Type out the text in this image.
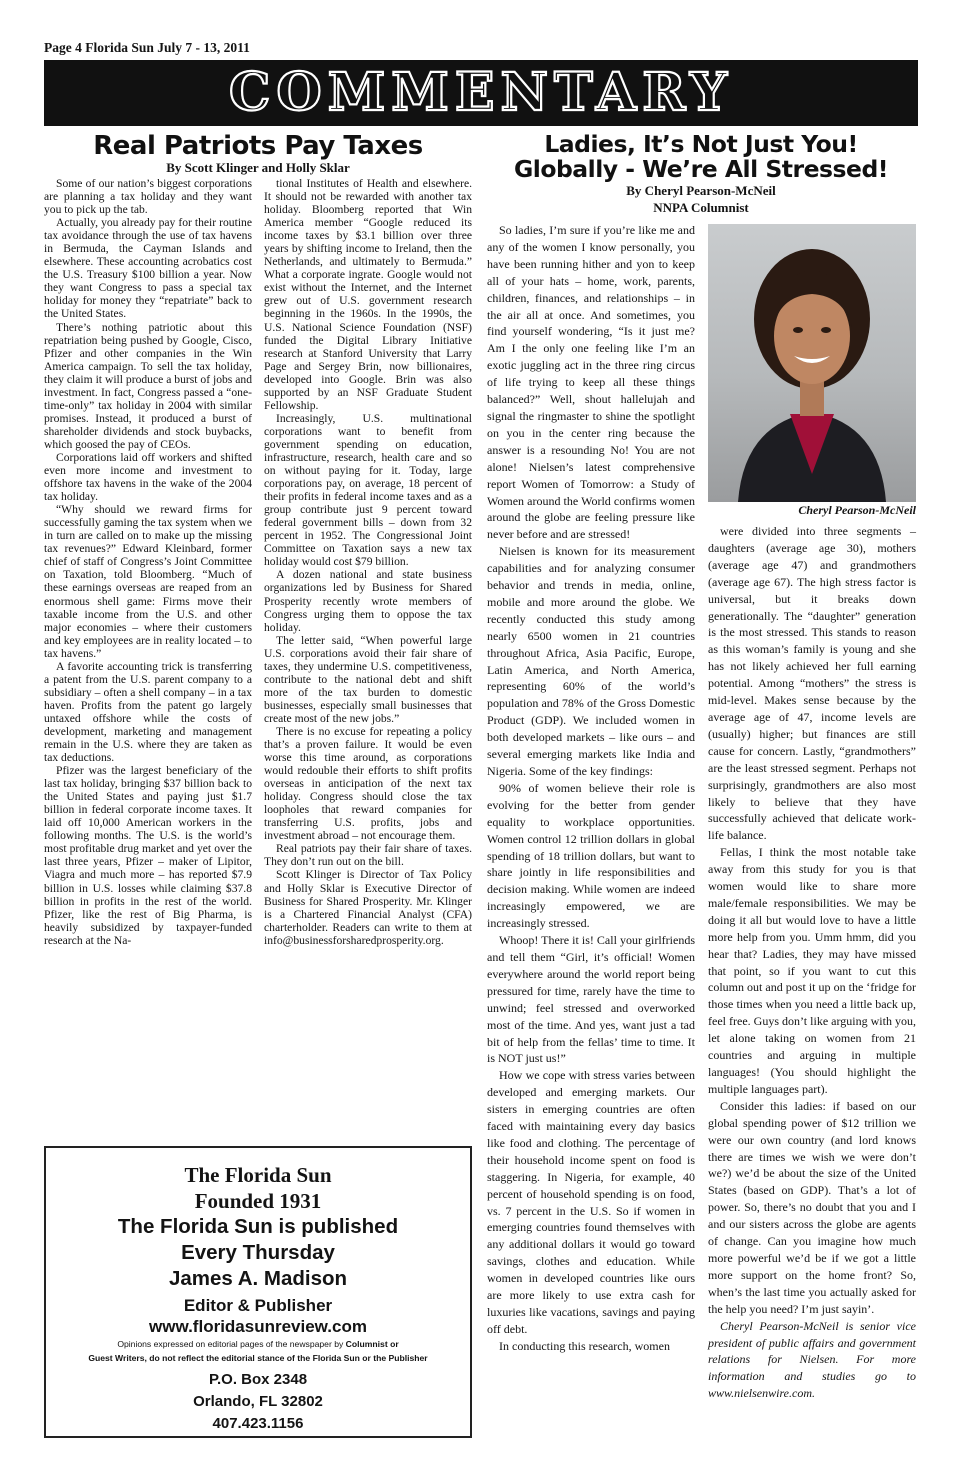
Page 4 Florida Sun July 7 - 13, 2011
COMMENTARY
Real Patriots Pay Taxes
By Scott Klinger and Holly Sklar

Some of our nation’s biggest corporations are planning a tax holiday and they want you to pick up the tab.

Actually, you already pay for their routine tax avoidance through the use of tax havens in Bermuda, the Cayman Islands and elsewhere. These accounting acrobatics cost the U.S. Treasury $100 billion a year. Now they want Congress to pass a special tax holiday for money they “repatriate” back to the United States.

There’s nothing patriotic about this repatriation being pushed by Google, Cisco, Pfizer and other companies in the Win America campaign. To sell the tax holiday, they claim it will produce a burst of jobs and investment. In fact, Congress passed a “one-time-only” tax holiday in 2004 with similar promises. Instead, it produced a burst of shareholder dividends and stock buybacks, which goosed the pay of CEOs.

Corporations laid off workers and shifted even more income and investment to offshore tax havens in the wake of the 2004 tax holiday.

“Why should we reward firms for successfully gaming the tax system when we in turn are called on to make up the missing tax revenues?” Edward Kleinbard, former chief of staff of Congress’s Joint Committee on Taxation, told Bloomberg. “Much of these earnings overseas are reaped from an enormous shell game: Firms move their taxable income from the U.S. and other major economies – where their customers and key employees are in reality located – to tax havens.”

A favorite accounting trick is transferring a patent from the U.S. parent company to a subsidiary – often a shell company – in a tax haven. Profits from the patent go largely untaxed offshore while the costs of development, marketing and management remain in the U.S. where they are taken as tax deductions.

Pfizer was the largest beneficiary of the last tax holiday, bringing $37 billion back to the United States and paying just $1.7 billion in federal corporate income taxes. It laid off 10,000 American workers in the following months. The U.S. is the world’s most profitable drug market and yet over the last three years, Pfizer – maker of Lipitor, Viagra and much more – has reported $7.9 billion in U.S. losses while claiming $37.8 billion in profits in the rest of the world. Pfizer, like the rest of Big Pharma, is heavily subsidized by taxpayer-funded research at the Na-

tional Institutes of Health and elsewhere. It should not be rewarded with another tax holiday. Bloomberg reported that Win America member “Google reduced its income taxes by $3.1 billion over three years by shifting income to Ireland, then the Netherlands, and ultimately to Bermuda.” What a corporate ingrate. Google would not exist without the Internet, and the Internet grew out of U.S. government research beginning in the 1960s. In the 1990s, the U.S. National Science Foundation (NSF) funded the Digital Library Initiative research at Stanford University that Larry Page and Sergey Brin, now billionaires, developed into Google. Brin was also supported by an NSF Graduate Student Fellowship.

Increasingly, U.S. multinational corporations want to benefit from government spending on education, infrastructure, research, health care and so on without paying for it. Today, large corporations pay, on average, 18 percent of their profits in federal income taxes and as a group contribute just 9 percent toward federal government bills – down from 32 percent in 1952. The Congressional Joint Committee on Taxation says a new tax holiday would cost $79 billion.

A dozen national and state business organizations led by Business for Shared Prosperity recently wrote members of Congress urging them to oppose the tax holiday.

The letter said, “When powerful large U.S. corporations avoid their fair share of taxes, they undermine U.S. competitiveness, contribute to the national debt and shift more of the tax burden to domestic businesses, especially small businesses that create most of the new jobs.”

There is no excuse for repeating a policy that’s a proven failure. It would be even worse this time around, as corporations would redouble their efforts to shift profits overseas in anticipation of the next tax holiday. Congress should close the tax loopholes that reward companies for transferring U.S. profits, jobs and investment abroad – not encourage them.

Real patriots pay their fair share of taxes. They don’t run out on the bill.

Scott Klinger is Director of Tax Policy and Holly Sklar is Executive Director of Business for Shared Prosperity. Mr. Klinger is a Chartered Financial Analyst (CFA) charterholder. Readers can write to them at info@businessforsharedprosperity.org.

Ladies, It’s Not Just You!
Globally - We’re All Stressed!
By Cheryl Pearson-McNeil
NNPA Columnist

So ladies, I’m sure if you’re like me and any of the women I know personally, you have been running hither and yon to keep all of your hats – home, work, parents, children, finances, and relationships – in the air all at once. And sometimes, you find yourself wondering, “Is it just me? Am I the only one feeling like I’m an exotic juggling act in the three ring circus of life trying to keep all these things balanced?” Well, shout hallelujah and signal the ringmaster to shine the spotlight on you in the center ring because the answer is a resounding No! You are not alone! Nielsen’s latest comprehensive report Women of Tomorrow: a Study of Women around the World confirms women around the globe are feeling pressure like never before and are stressed!

Nielsen is known for its measurement capabilities and for analyzing consumer behavior and trends in media, online, mobile and more around the globe. We recently conducted this study among nearly 6500 women in 21 countries throughout Africa, Asia Pacific, Europe, Latin America, and North America, representing 60% of the world’s population and 78% of the Gross Domestic Product (GDP). We included women in both developed markets – like ours – and several emerging markets like India and Nigeria. Some of the key findings:

90% of women believe their role is evolving for the better from gender equality to workplace opportunities. Women control 12 trillion dollars in global spending of 18 trillion dollars, but want to share jointly in life responsibilities and decision making. While women are indeed increasingly empowered, we are increasingly stressed.

Whoop! There it is! Call your girlfriends and tell them “Girl, it’s official! Women everywhere around the world report being pressured for time, rarely have the time to unwind; feel stressed and overworked most of the time. And yes, want just a tad bit of help from the fellas’ time to time. It is NOT just us!”

How we cope with stress varies between developed and emerging markets. Our sisters in emerging countries are often faced with maintaining every day basics like food and clothing. The percentage of their household income spent on food is staggering. In Nigeria, for example, 40 percent of household spending is on food, vs. 7 percent in the U.S. So if women in emerging countries found themselves with any additional dollars it would go toward savings, clothes and education. While women in developed countries like ours are more likely to use extra cash for luxuries like vacations, savings and paying off debt.

In conducting this research, women

Cheryl Pearson-McNeil

were divided into three segments – daughters (average age 30), mothers (average age 47) and grandmothers (average age 67). The high stress factor is universal, but it breaks down generationally. The “daughter” generation is the most stressed. This stands to reason as this woman’s family is young and she has not likely achieved her full earning potential. Among “mothers” the stress is mid-level. Makes sense because by the average age of 47, income levels are (usually) higher; but finances are still cause for concern. Lastly, “grandmothers” are the least stressed segment. Perhaps not surprisingly, grandmothers are also most likely to believe that they have successfully achieved that delicate work-life balance.

Fellas, I think the most notable take away from this study for you is that women would like to share more male/female responsibilities. We may be doing it all but would love to have a little more help from you. Umm hmm, did you hear that? Ladies, they may have missed that point, so if you want to cut this column out and post it up on the ‘fridge for those times when you need a little back up, feel free. Guys don’t like arguing with you, let alone taking on women from 21 countries and arguing in multiple languages! (You should highlight the multiple languages part).

Consider this ladies: if based on our global spending power of $12 trillion we were our own country (and lord knows there are times we wish we were don’t we?) we’d be about the size of the United States (based on GDP). That’s a lot of power. So, there’s no doubt that you and I and our sisters across the globe are agents of change. Can you imagine how much more powerful we’d be if we got a little more support on the home front? So, when’s the last time you actually asked for the help you need? I’m just sayin’.

Cheryl Pearson-McNeil is senior vice president of public affairs and government relations for Nielsen. For more information and studies go to www.nielsenwire.com.

The Florida Sun
Founded 1931
The Florida Sun is published
Every Thursday
James A. Madison
Editor & Publisher
www.floridasunreview.com
Opinions expressed on editorial pages of the newspaper by Columnist or
Guest Writers, do not reflect the editorial stance of the Florida Sun or the Publisher
P.O. Box 2348
Orlando, FL 32802
407.423.1156
